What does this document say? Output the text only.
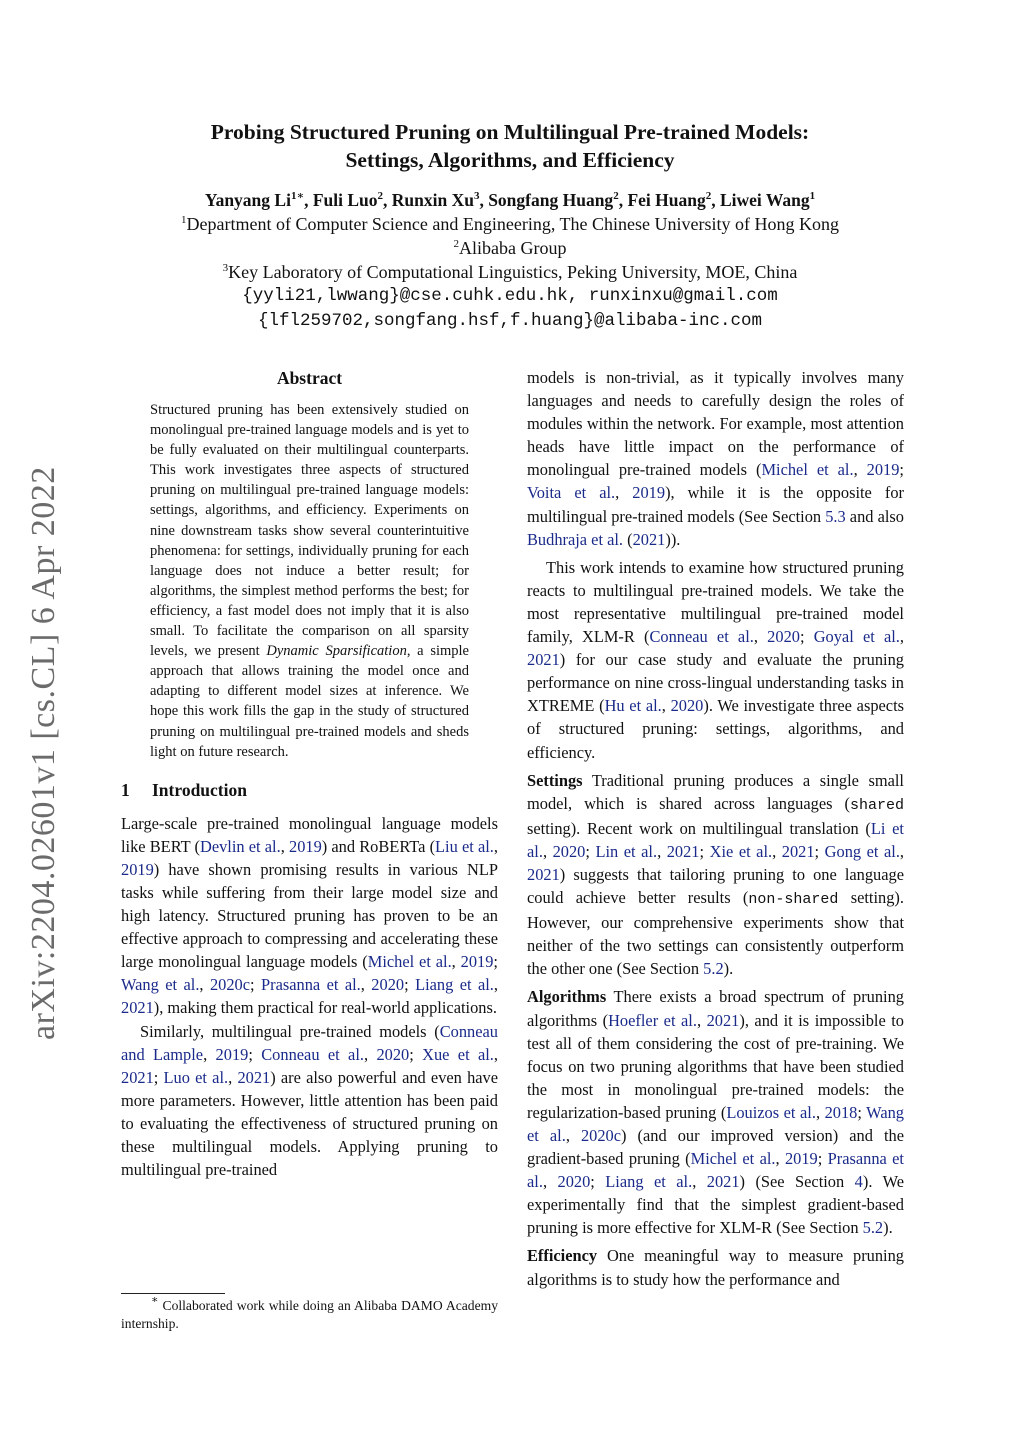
arXiv:2204.02601v1 [cs.CL] 6 Apr 2022
Probing Structured Pruning on Multilingual Pre-trained Models:
Settings, Algorithms, and Efficiency
Yanyang $Li^{1∗}$, Fuli Luo$^2$, Runxin Xu$^3$, Songfang Huang$^2$, Fei Huang$^2$, Liwei Wang$^1$
$^1$Department of Computer Science and Engineering, The Chinese University of Hong Kong
$^2$Alibaba Group
$^3$Key Laboratory of Computational Linguistics, Peking University, MOE, China
{yyli21,lwwang}@cse.cuhk.edu.hk, runxinxu@gmail.com
{lfl259702,songfang.hsf,f.huang}@alibaba-inc.com
Abstract

Structured pruning has been extensively studied on monolingual pre-trained language models and is yet to be fully evaluated on their multilingual counterparts. This work investigates three aspects of structured pruning on multilingual pre-trained language models: settings, algorithms, and efficiency. Experiments on nine downstream tasks show several counterintuitive phenomena: for settings, individually pruning for each language does not induce a better result; for algorithms, the simplest method performs the best; for efficiency, a fast model does not imply that it is also small. To facilitate the comparison on all sparsity levels, we present Dynamic Sparsification, a simple approach that allows training the model once and adapting to different model sizes at inference. We hope this work fills the gap in the study of structured pruning on multilingual pre-trained models and sheds light on future research.

1 Introduction

Large-scale pre-trained monolingual language models like BERT (Devlin et al., 2019) and RoBERTa (Liu et al., 2019) have shown promising results in various NLP tasks while suffering from their large model size and high latency. Structured pruning has proven to be an effective approach to compressing and accelerating these large monolingual language models (Michel et al., 2019; Wang et al., 2020c; Prasanna et al., 2020; Liang et al., 2021), making them practical for real-world applications.

Similarly, multilingual pre-trained models (Conneau and Lample, 2019; Conneau et al., 2020; Xue et al., 2021; Luo et al., 2021) are also powerful and even have more parameters. However, little attention has been paid to evaluating the effectiveness of structured pruning on these multilingual models. Applying pruning to multilingual pre-trained

∗ Collaborated work while doing an Alibaba DAMO Academy internship.

models is non-trivial, as it typically involves many languages and needs to carefully design the roles of modules within the network. For example, most attention heads have little impact on the performance of monolingual pre-trained models (Michel et al., 2019; Voita et al., 2019), while it is the opposite for multilingual pre-trained models (See Section 5.3 and also Budhraja et al. (2021)).

This work intends to examine how structured pruning reacts to multilingual pre-trained models. We take the most representative multilingual pre-trained model family, XLM-R (Conneau et al., 2020; Goyal et al., 2021) for our case study and evaluate the pruning performance on nine cross-lingual understanding tasks in XTREME (Hu et al., 2020). We investigate three aspects of structured pruning: settings, algorithms, and efficiency.

Settings Traditional pruning produces a single small model, which is shared across languages (shared setting). Recent work on multilingual translation (Li et al., 2020; Lin et al., 2021; Xie et al., 2021; Gong et al., 2021) suggests that tailoring pruning to one language could achieve better results (non-shared setting). However, our comprehensive experiments show that neither of the two settings can consistently outperform the other one (See Section 5.2).

Algorithms There exists a broad spectrum of pruning algorithms (Hoefler et al., 2021), and it is impossible to test all of them considering the cost of pre-training. We focus on two pruning algorithms that have been studied the most in monolingual pre-trained models: the regularization-based pruning (Louizos et al., 2018; Wang et al., 2020c) (and our improved version) and the gradient-based pruning (Michel et al., 2019; Prasanna et al., 2020; Liang et al., 2021) (See Section 4). We experimentally find that the simplest gradient-based pruning is more effective for XLM-R (See Section 5.2).

Efficiency One meaningful way to measure pruning algorithms is to study how the performance and
